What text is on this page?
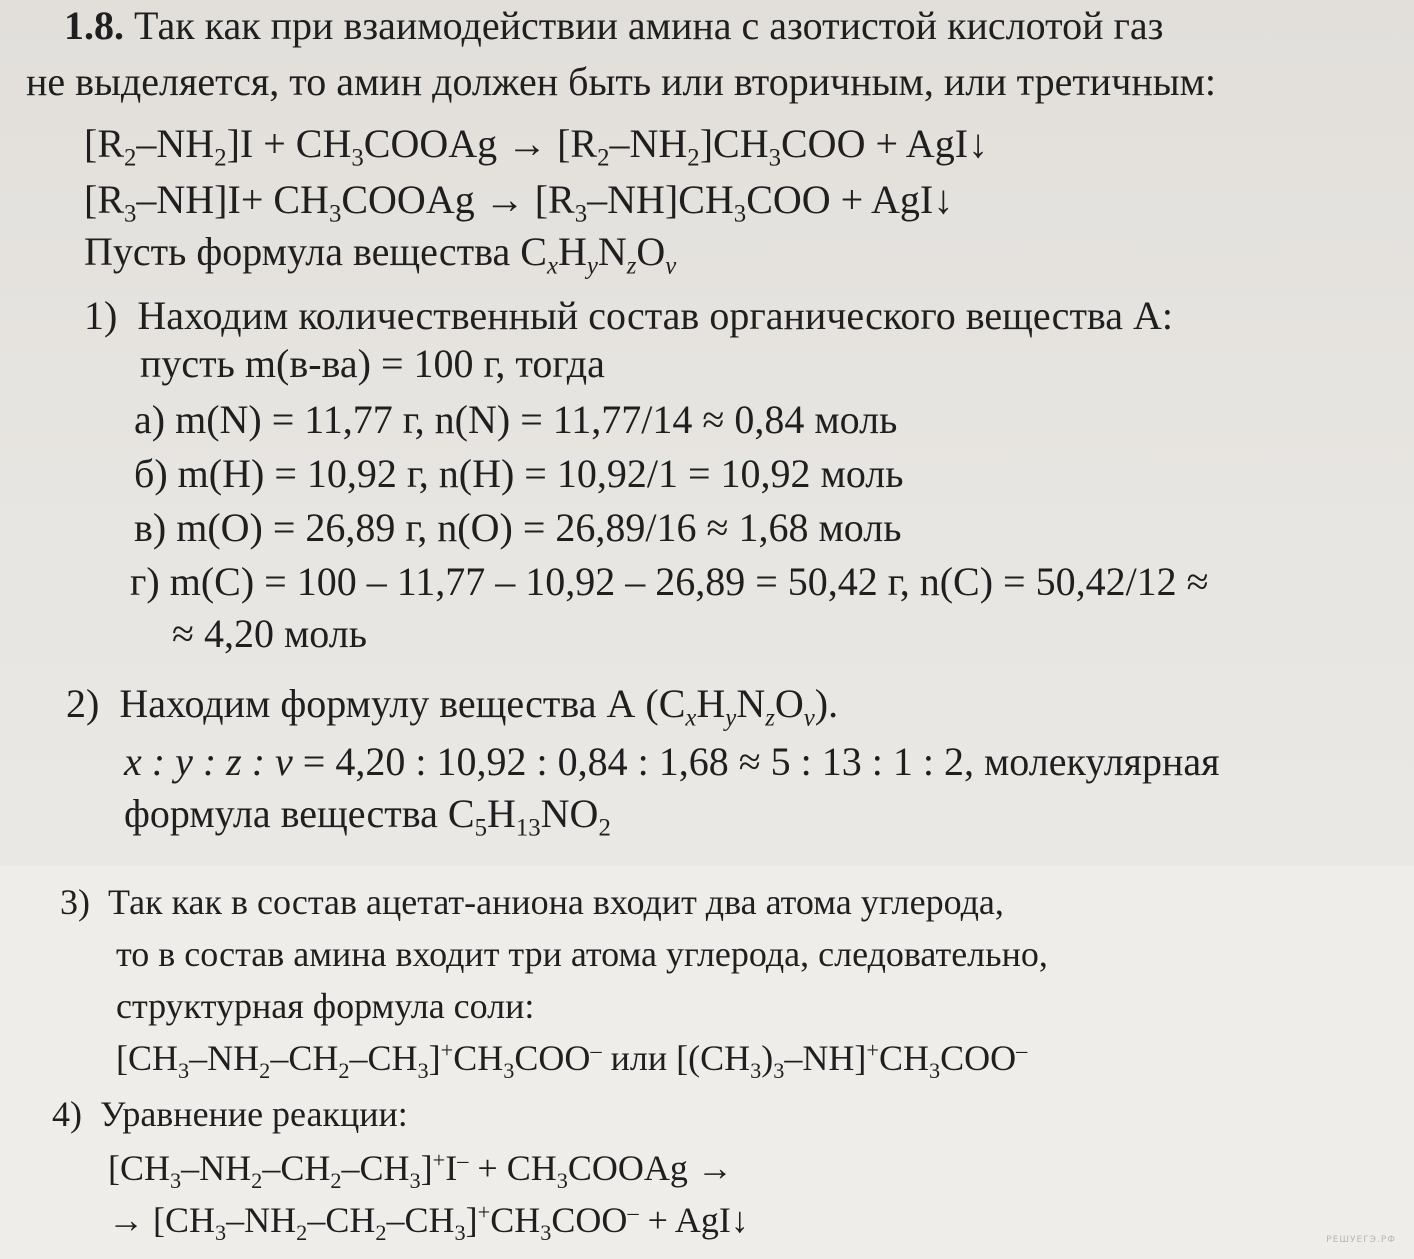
1.8. Так как при взаимодействии амина с азотистой кислотой газ
не выделяется, то амин должен быть или вторичным, или третичным:
$[R_2-NH_2]I$ + $CH_3COOAg \to [R_2-NH_2]CH_3COO$ + AgI↓
$[R_3-NH]I+$ $CH_3COOAg \to [R_3-NH]CH_3COO$ + AgI↓
Пусть формула вещества $C_xH_yN_zO_v$
1) Находим количественный состав органического вещества А:
пусть m(в-ва) = 100 г, тогда
а) m(N) = 11,77 г, n(N) = 11,77/14 ≈ 0,84 моль
б) m(H) = 10,92 г, n(H) = 10,92/1 = 10,92 моль
в) m(O) = 26,89 г, n(O) = 26,89/16 ≈ 1,68 моль
г) m(C) = 100 – 11,77 – 10,92 – 26,89 = 50,42 г, n(C) = 50,42/12 ≈
≈ 4,20 моль
2) Находим формулу вещества А $(C_xH_yN_zO_v)$.
x : y : z : v = 4,20 : 10,92 : 0,84 : 1,68 ≈ 5 : 13 : 1 : 2, молекулярная
формула вещества $C_5H_{13}NO_2$
3) Так как в состав ацетат-аниона входит два атома углерода,
то в состав амина входит три атома углерода, следовательно,
структурная формула соли:
$[CH_3-NH_2-CH_2-CH_3]^+CH_3COO^-$ или $[(CH_3)_3-NH]^+CH_3COO^-$
4) Уравнение реакции:
$[CH_3-NH_2-CH_2-CH_3]^+I^-$ + $CH_3COOAg$ →
→ $[CH_3-NH_2-CH_2-CH_3]^+CH_3COO^-$ + AgI↓	РЕШУЕГЭ.РФ
